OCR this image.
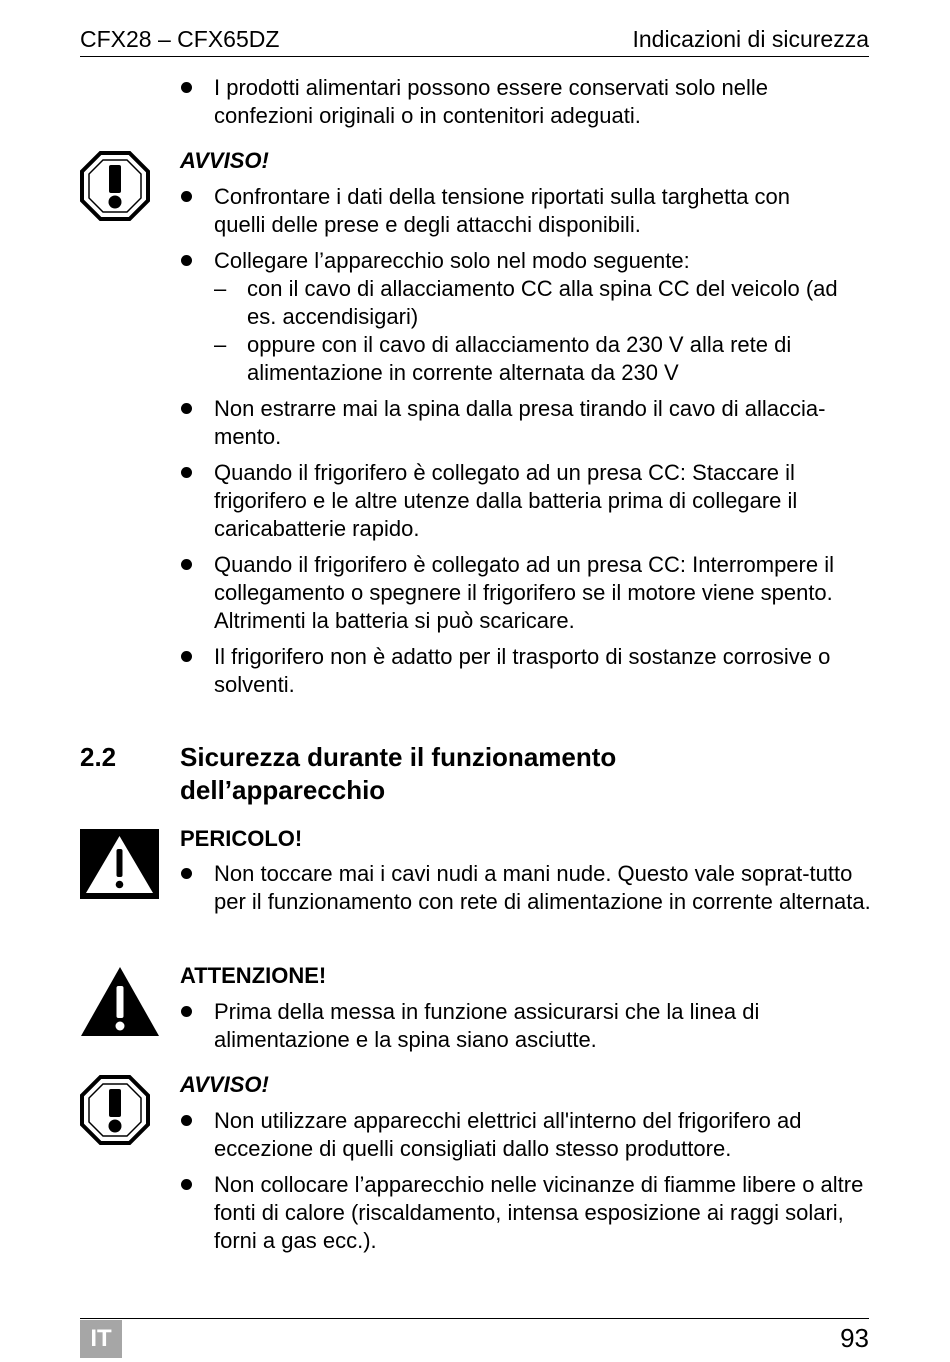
CFX28 – CFX65DZ	Indicazioni di sicurezza
I prodotti alimentari possono essere conservati solo nelle confezioni originali o in contenitori adeguati.
AVVISO!
Confrontare i dati della tensione riportati sulla targhetta con quelli delle prese e degli attacchi disponibili.
Collegare l’apparecchio solo nel modo seguente:
– con il cavo di allacciamento CC alla spina CC del veicolo (ad es. accendisigari)
– oppure con il cavo di allacciamento da 230 V alla rete di alimentazione in corrente alternata da 230 V
Non estrarre mai la spina dalla presa tirando il cavo di allaccia-mento.
Quando il frigorifero è collegato ad un presa CC: Staccare il frigorifero e le altre utenze dalla batteria prima di collegare il caricabatterie rapido.
Quando il frigorifero è collegato ad un presa CC: Interrompere il collegamento o spegnere il frigorifero se il motore viene spento. Altrimenti la batteria si può scaricare.
Il frigorifero non è adatto per il trasporto di sostanze corrosive o solventi.
2.2 Sicurezza durante il funzionamento dell’apparecchio
PERICOLO!
Non toccare mai i cavi nudi a mani nude. Questo vale soprat-tutto per il funzionamento con rete di alimentazione in corrente alternata.
ATTENZIONE!
Prima della messa in funzione assicurarsi che la linea di alimentazione e la spina siano asciutte.
AVVISO!
Non utilizzare apparecchi elettrici all'interno del frigorifero ad eccezione di quelli consigliati dallo stesso produttore.
Non collocare l’apparecchio nelle vicinanze di fiamme libere o altre fonti di calore (riscaldamento, intensa esposizione ai raggi solari, forni a gas ecc.).
IT	93
